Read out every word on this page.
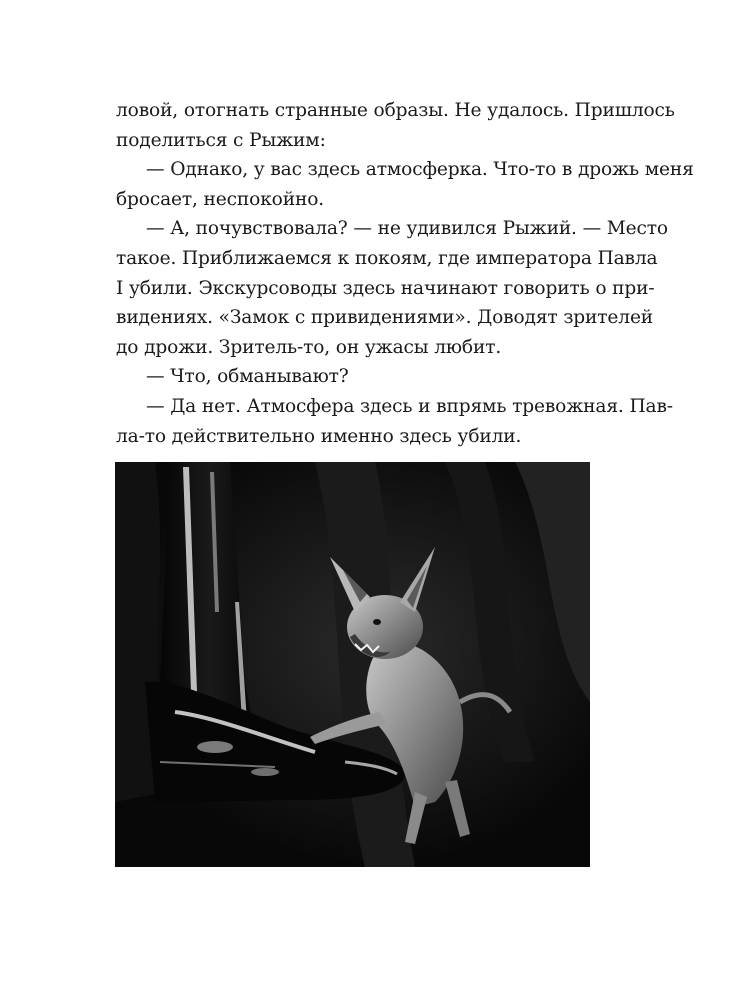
ловой, отогнать странные образы. Не удалось. Пришлось
поделиться с Рыжим:
— Однако, у вас здесь атмосферка. Что-то в дрожь меня
бросает, неспокойно.
— А, почувствовала? — не удивился Рыжий. — Место
такое. Приближаемся к покоям, где императора Павла
I убили. Экскурсоводы здесь начинают говорить о при-
видениях. «Замок с привидениями». Доводят зрителей
до дрожи. Зритель-то, он ужасы любит.
— Что, обманывают?
— Да нет. Атмосфера здесь и впрямь тревожная. Пав-
ла-то действительно именно здесь убили.
